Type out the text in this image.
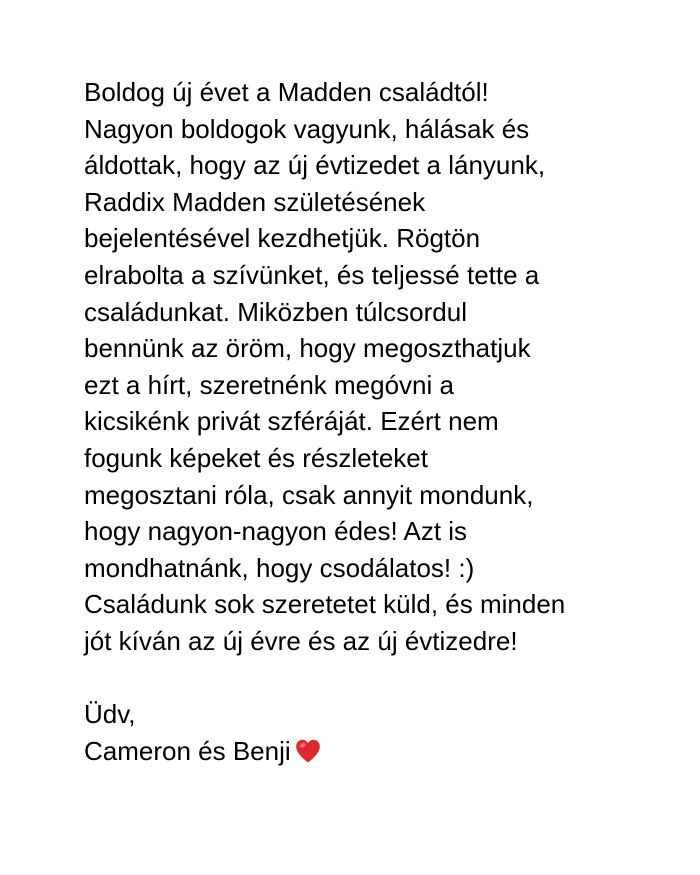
Boldog új évet a Madden családtól!
Nagyon boldogok vagyunk, hálásak és
áldottak, hogy az új évtizedet a lányunk,
Raddix Madden születésének
bejelentésével kezdhetjük. Rögtön
elrabolta a szívünket, és teljessé tette a
családunkat. Miközben túlcsordul
bennünk az öröm, hogy megoszthatjuk
ezt a hírt, szeretnénk megóvni a
kicsikénk privát szféráját. Ezért nem
fogunk képeket és részleteket
megosztani róla, csak annyit mondunk,
hogy nagyon-nagyon édes! Azt is
mondhatnánk, hogy csodálatos! :)
Családunk sok szeretetet küld, és minden
jót kíván az új évre és az új évtizedre!
Üdv,
Cameron és Benji
